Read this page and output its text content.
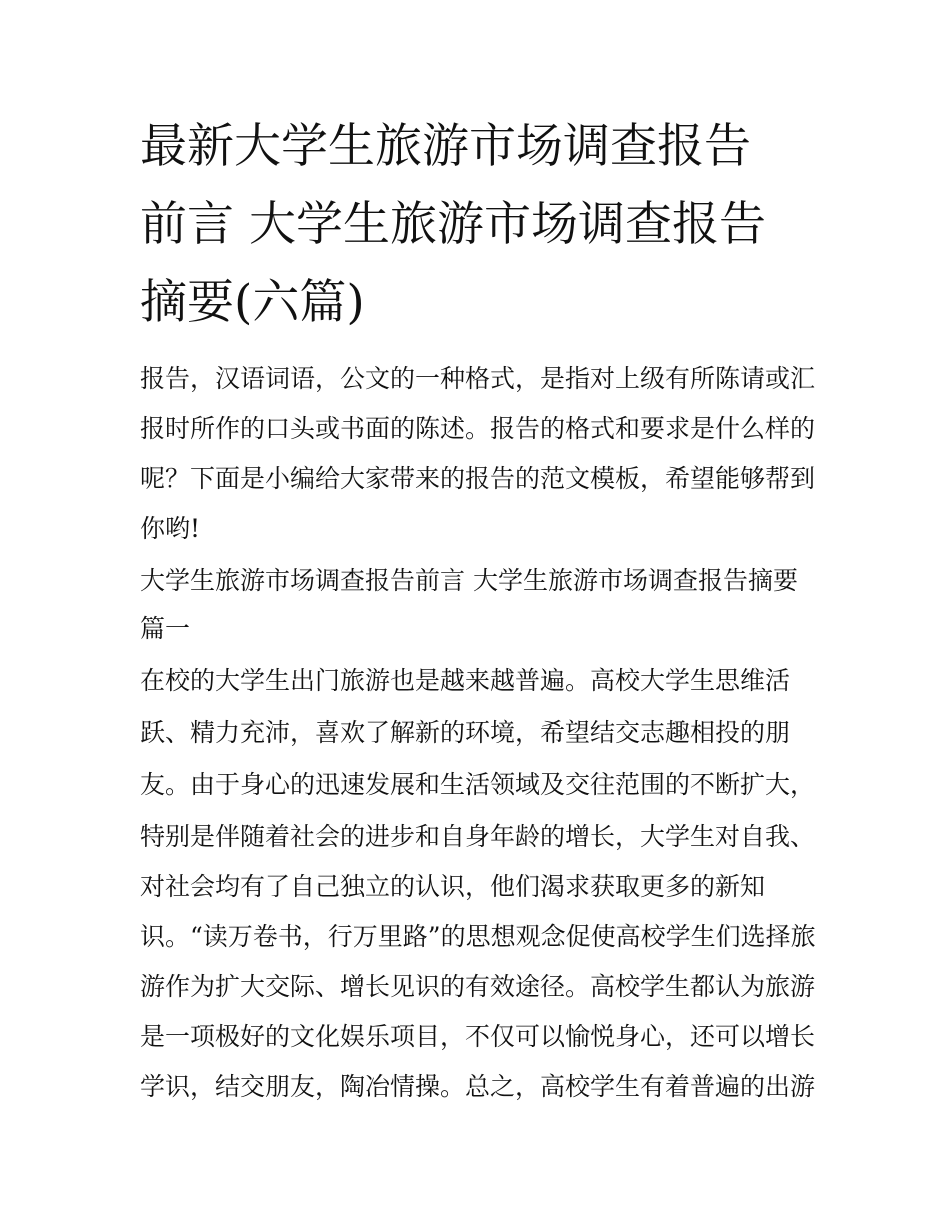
最新大学生旅游市场调查报告
前言 大学生旅游市场调查报告
摘要(六篇)
报告，汉语词语，公文的一种格式，是指对上级有所陈请或汇
报时所作的口头或书面的陈述。报告的格式和要求是什么样的
呢？下面是小编给大家带来的报告的范文模板，希望能够帮到
你哟!
大学生旅游市场调查报告前言 大学生旅游市场调查报告摘要
篇一
在校的大学生出门旅游也是越来越普遍。高校大学生思维活
跃、精力充沛，喜欢了解新的环境，希望结交志趣相投的朋
友。由于身心的迅速发展和生活领域及交往范围的不断扩大，
特别是伴随着社会的进步和自身年龄的增长，大学生对自我、
对社会均有了自己独立的认识，他们渴求获取更多的新知
识。“读万卷书，行万里路”的思想观念促使高校学生们选择旅
游作为扩大交际、增长见识的有效途径。高校学生都认为旅游
是一项极好的文化娱乐项目，不仅可以愉悦身心，还可以增长
学识，结交朋友，陶冶情操。总之，高校学生有着普遍的出游
